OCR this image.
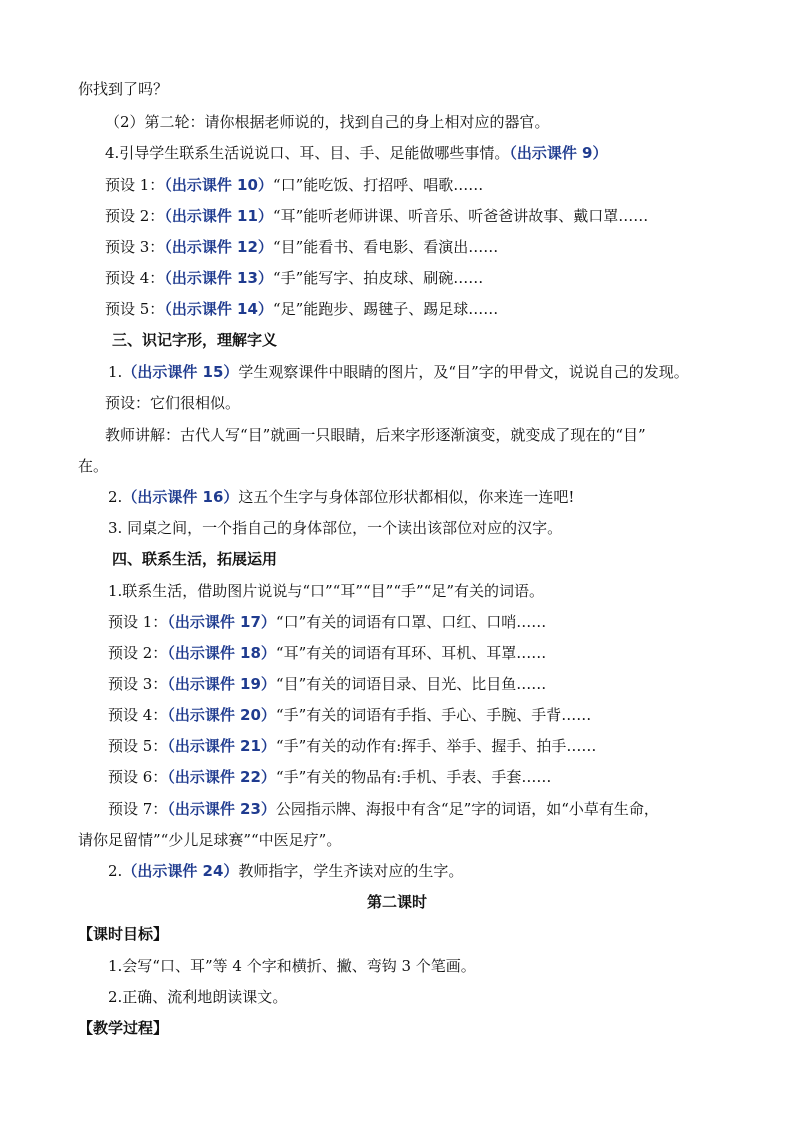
你找到了吗？
（2）第二轮：请你根据老师说的，找到自己的身上相对应的器官。
4.引导学生联系生活说说口、耳、目、手、足能做哪些事情。（出示课件 9）
预设 1：（出示课件 10）“口”能吃饭、打招呼、唱歌……
预设 2：（出示课件 11）“耳”能听老师讲课、听音乐、听爸爸讲故事、戴口罩……
预设 3：（出示课件 12）“目”能看书、看电影、看演出……
预设 4：（出示课件 13）“手”能写字、拍皮球、刷碗……
预设 5：（出示课件 14）“足”能跑步、踢毽子、踢足球……
三、识记字形，理解字义
1.（出示课件 15）学生观察课件中眼睛的图片，及“目”字的甲骨文，说说自己的发现。
预设：它们很相似。
教师讲解：古代人写“目”就画一只眼睛，后来字形逐渐演变，就变成了现在的“目”
在。
2.（出示课件 16）这五个生字与身体部位形状都相似，你来连一连吧!
3. 同桌之间，一个指自己的身体部位，一个读出该部位对应的汉字。
四、联系生活，拓展运用
1.联系生活，借助图片说说与“口”“耳”“目”“手”“足”有关的词语。
预设 1：（出示课件 17）“口”有关的词语有口罩、口红、口哨……
预设 2：（出示课件 18）“耳”有关的词语有耳环、耳机、耳罩……
预设 3：（出示课件 19）“目”有关的词语目录、目光、比目鱼……
预设 4：（出示课件 20）“手”有关的词语有手指、手心、手腕、手背……
预设 5：（出示课件 21）“手”有关的动作有:挥手、举手、握手、拍手……
预设 6：（出示课件 22）“手”有关的物品有:手机、手表、手套……
预设 7：（出示课件 23）公园指示牌、海报中有含“足”字的词语，如“小草有生命，
请你足留情”“少儿足球赛”“中医足疗”。
2.（出示课件 24）教师指字，学生齐读对应的生字。
第二课时
【课时目标】
1.会写“口、耳”等 4 个字和横折、撇、弯钩 3 个笔画。
2.正确、流利地朗读课文。
【教学过程】
